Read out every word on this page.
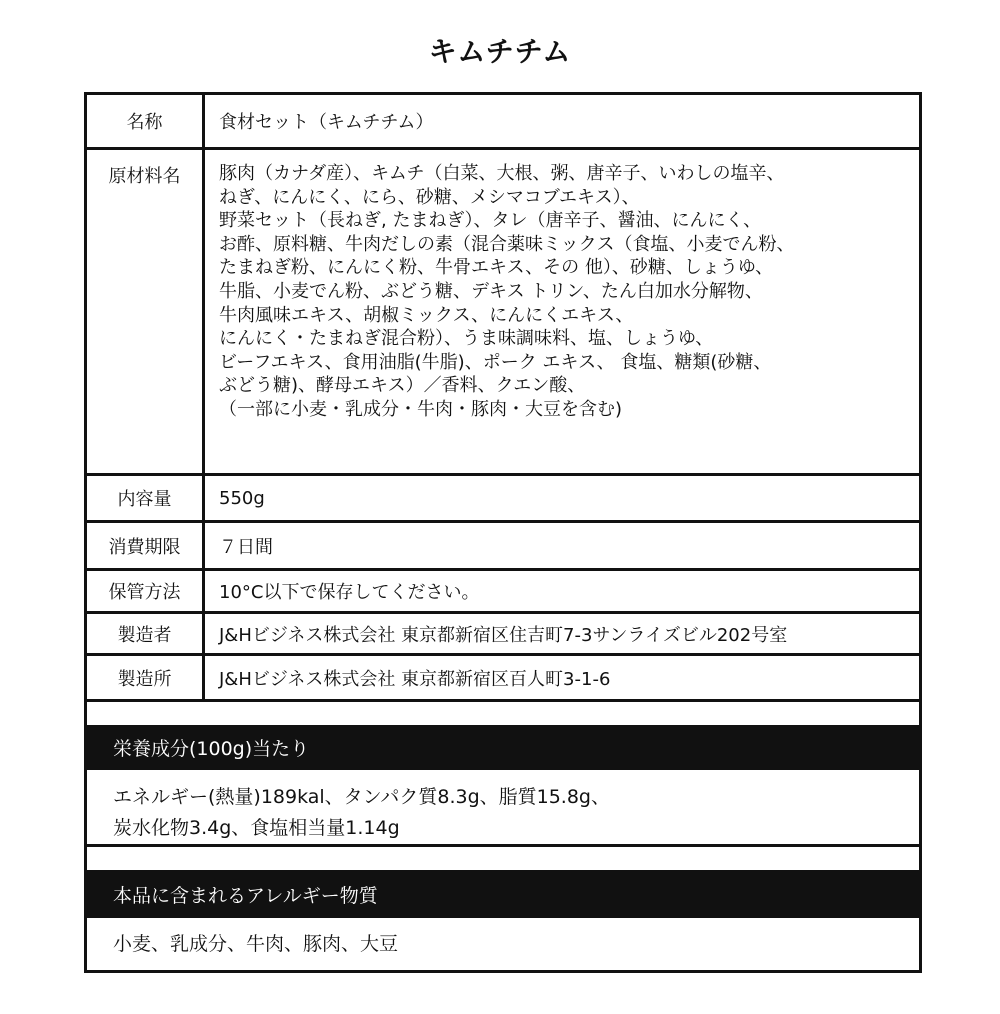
キムチチム
名称	食材セット（キムチチム）
原材料名	豚肉（カナダ産）、キムチ（白菜、大根、粥、唐辛子、いわしの塩辛、
ねぎ、にんにく、にら、砂糖、メシマコブエキス）、
野菜セット（長ねぎ, たまねぎ）、タレ（唐辛子、醤油、にんにく、
お酢、原料糖、牛肉だしの素（混合薬味ミックス（食塩、小麦でん粉、
たまねぎ粉、にんにく粉、牛骨エキス、その 他）、砂糖、しょうゆ、
牛脂、小麦でん粉、ぶどう糖、デキス トリン、たん白加水分解物、
牛肉風味エキス、胡椒ミックス、にんにくエキス、
にんにく・たまねぎ混合粉）、うま味調味料、塩、しょうゆ、
ビーフエキス、食用油脂(牛脂)、ポーク エキス、 食塩、糖類(砂糖、
ぶどう糖)、酵母エキス）／香料、クエン酸、
（一部に小麦・乳成分・牛肉・豚肉・大豆を含む)
内容量	550g
消費期限	７日間
保管方法	10°C以下で保存してください。
製造者	J&Hビジネス株式会社 東京都新宿区住吉町7-3サンライズビル202号室
製造所	J&Hビジネス株式会社 東京都新宿区百人町3-1-6
栄養成分(100g)当たり
エネルギー(熱量)189kal、タンパク質8.3g、脂質15.8g、
炭水化物3.4g、食塩相当量1.14g
本品に含まれるアレルギー物質
小麦、乳成分、牛肉、豚肉、大豆
